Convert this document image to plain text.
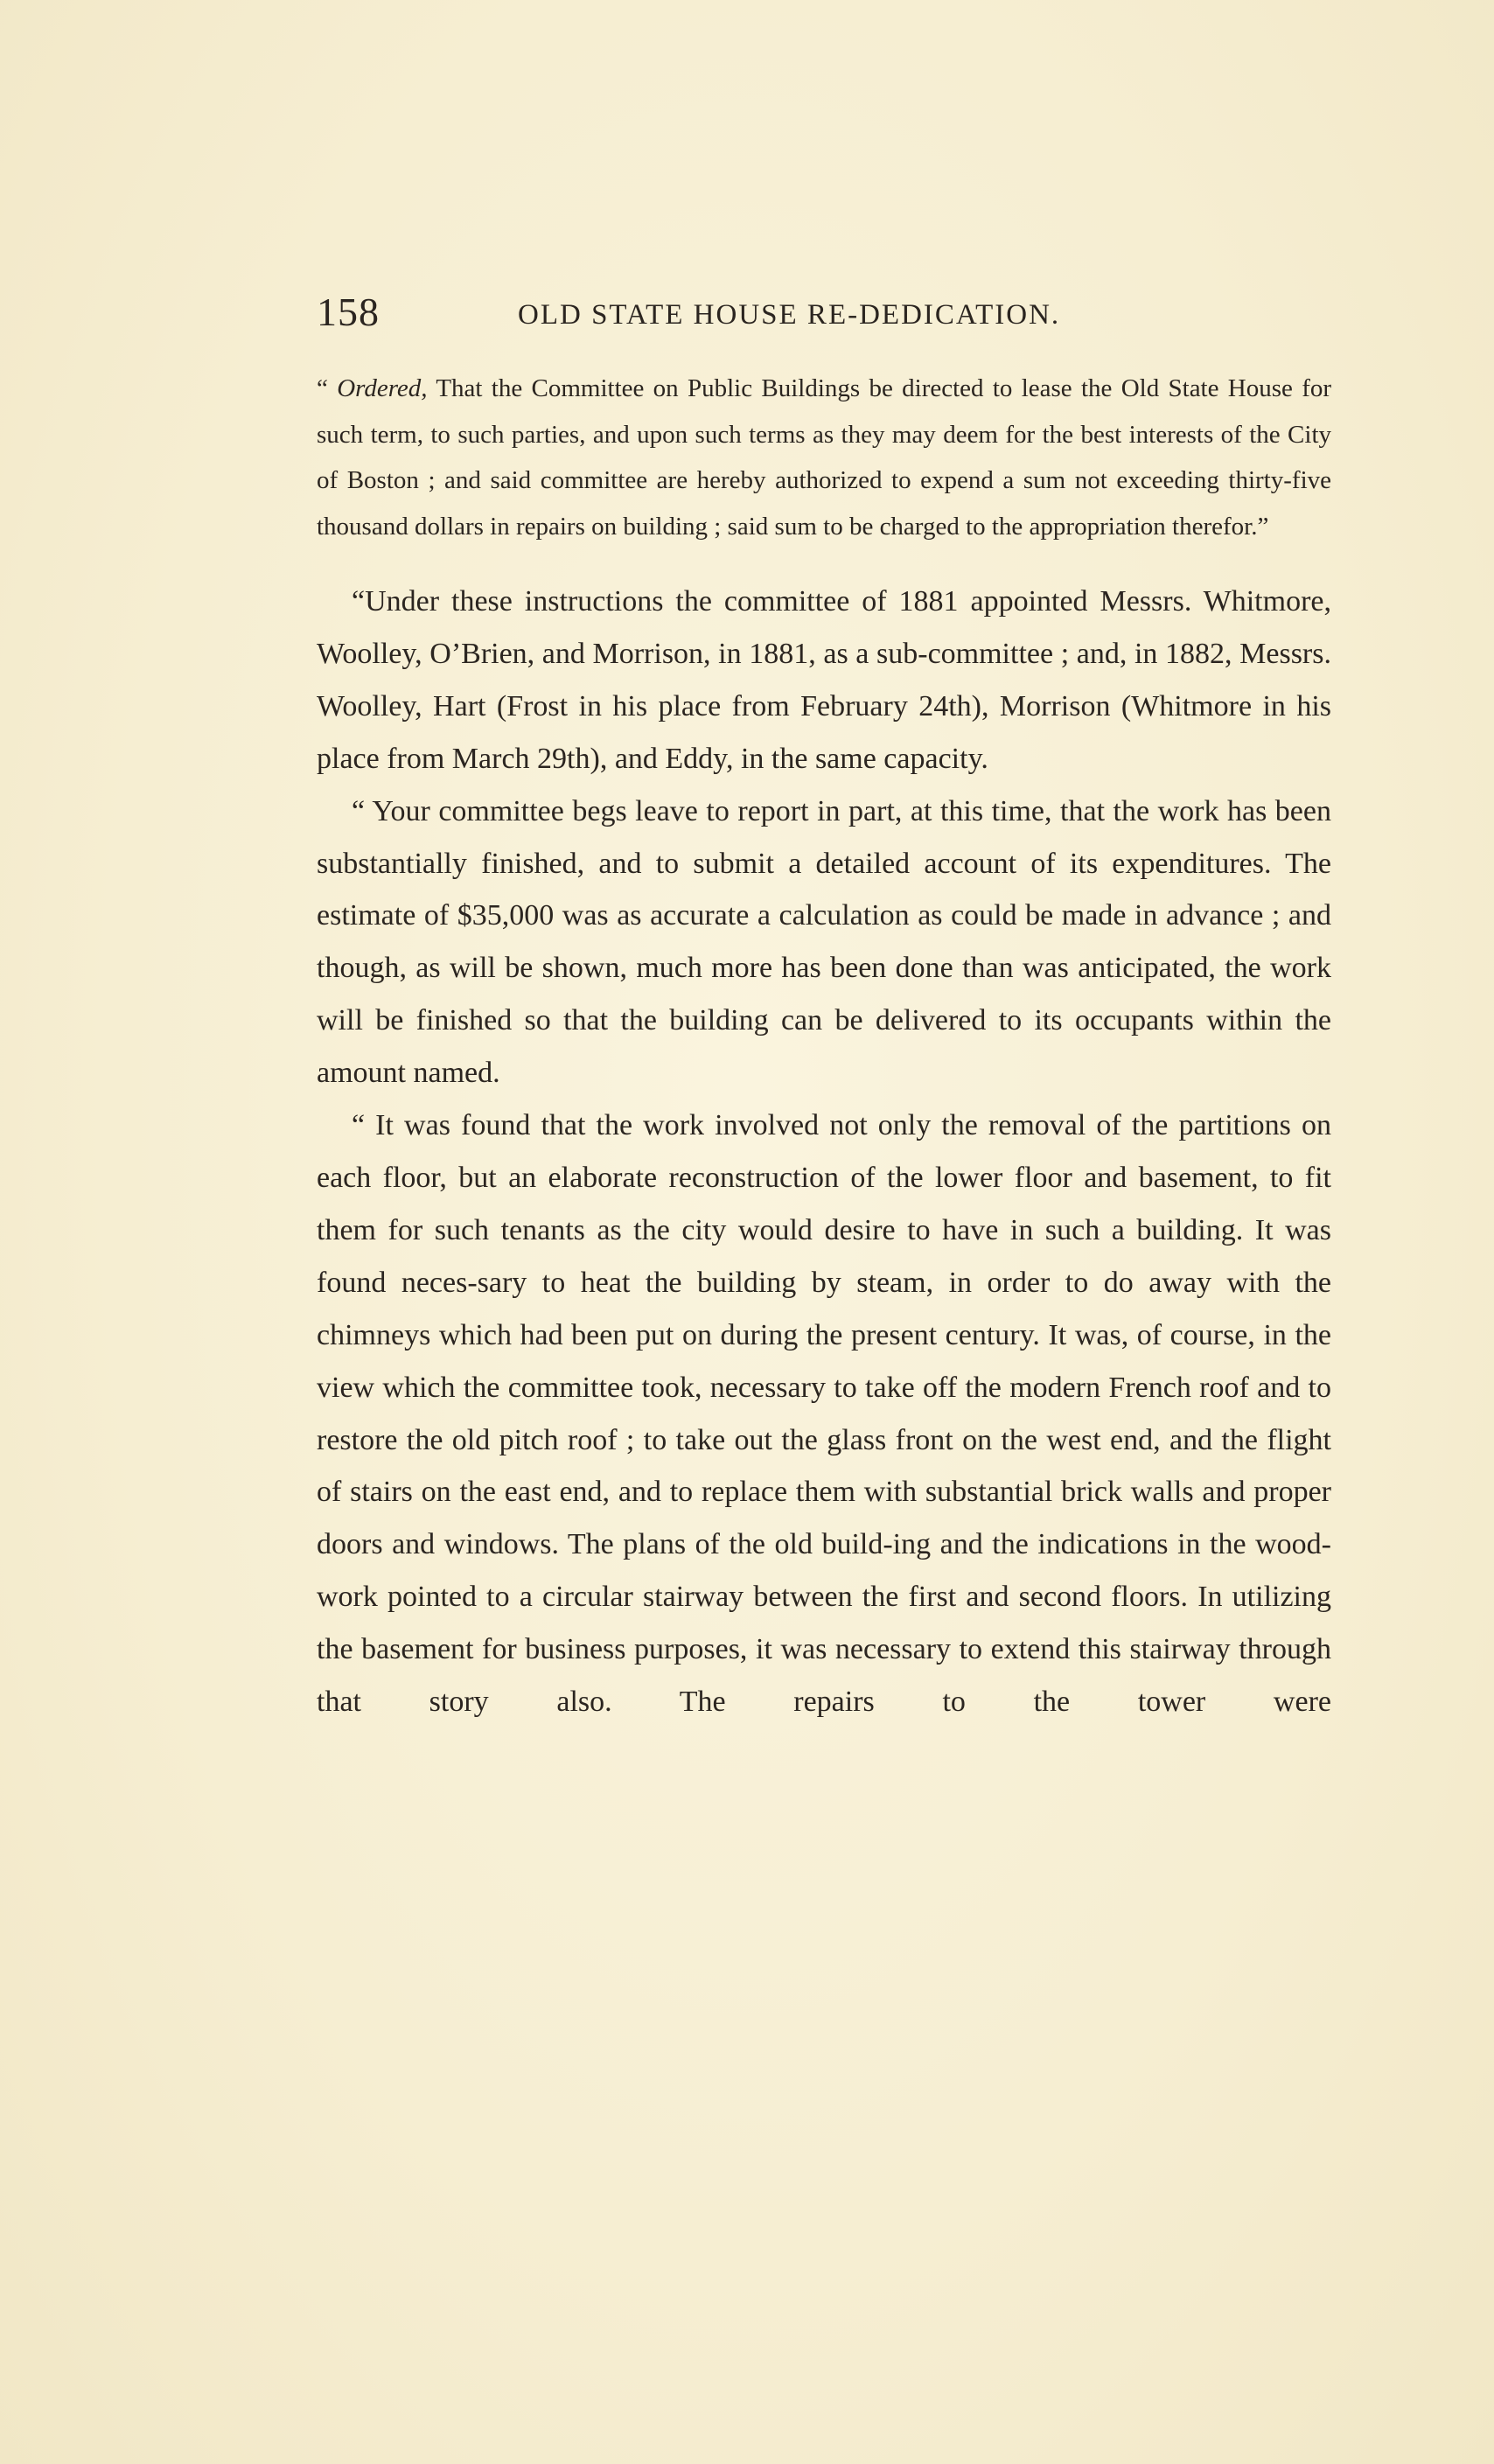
158	OLD STATE HOUSE RE-DEDICATION.

“ Ordered, That the Committee on Public Buildings be directed to lease the Old State House for such term, to such parties, and upon such terms as they may deem for the best interests of the City of Boston ; and said committee are hereby authorized to expend a sum not exceeding thirty-five thousand dollars in repairs on building ; said sum to be charged to the appropriation therefor.”

“Under these instructions the committee of 1881 appointed Messrs. Whitmore, Woolley, O’Brien, and Morrison, in 1881, as a sub-committee ; and, in 1882, Messrs. Woolley, Hart (Frost in his place from February 24th), Morrison (Whitmore in his place from March 29th), and Eddy, in the same capacity.

“ Your committee begs leave to report in part, at this time, that the work has been substantially finished, and to submit a detailed account of its expenditures. The estimate of $35,000 was as accurate a calculation as could be made in advance ; and though, as will be shown, much more has been done than was anticipated, the work will be finished so that the building can be delivered to its occupants within the amount named.

“ It was found that the work involved not only the removal of the partitions on each floor, but an elaborate reconstruction of the lower floor and basement, to fit them for such tenants as the city would desire to have in such a building. It was found neces-sary to heat the building by steam, in order to do away with the chimneys which had been put on during the present century. It was, of course, in the view which the committee took, necessary to take off the modern French roof and to restore the old pitch roof ; to take out the glass front on the west end, and the flight of stairs on the east end, and to replace them with substantial brick walls and proper doors and windows. The plans of the old build-ing and the indications in the wood-work pointed to a circular stairway between the first and second floors. In utilizing the basement for business purposes, it was necessary to extend this stairway through that story also. The repairs to the tower were
